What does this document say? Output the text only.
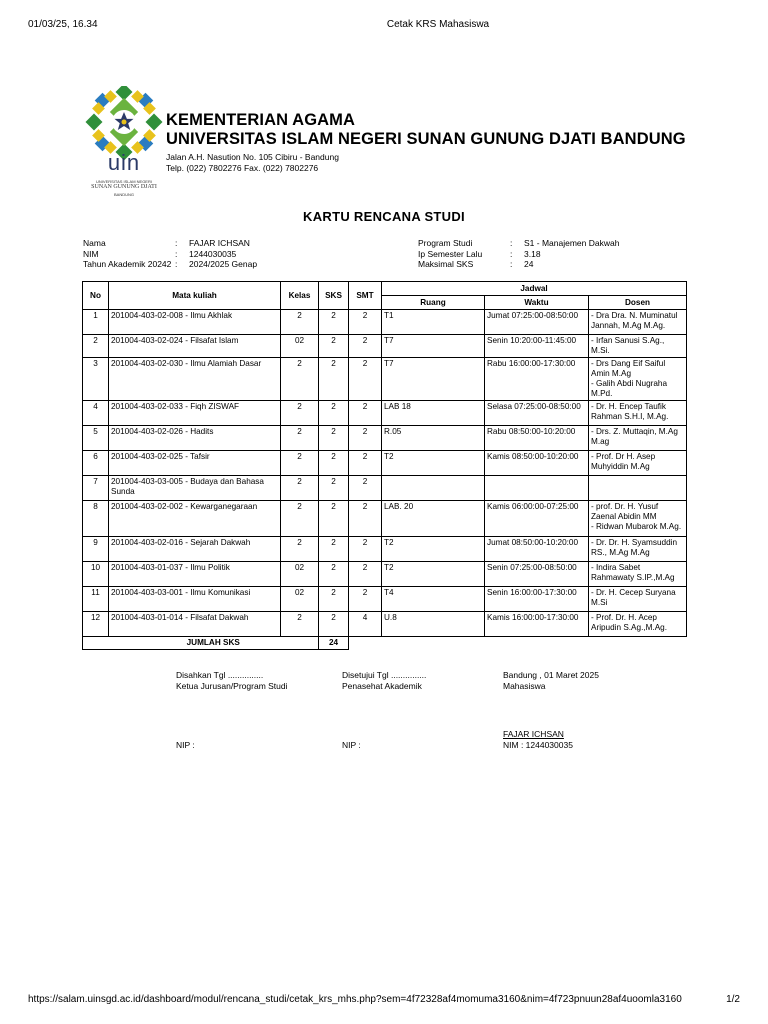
01/03/25, 16.34	Cetak KRS Mahasiswa
uin
UNIVERSITAS ISLAM NEGERI
SUNAN GUNUNG DJATI
BANDUNG
KEMENTERIAN AGAMA
UNIVERSITAS ISLAM NEGERI SUNAN GUNUNG DJATI BANDUNG
Jalan A.H. Nasution No. 105 Cibiru - Bandung
Telp. (022) 7802276 Fax. (022) 7802276
KARTU RENCANA STUDI
Nama	:	FAJAR ICHSAN
NIM	:	1244030035
Tahun Akademik 20242 :	2024/2025 Genap
Program Studi	:	S1 - Manajemen Dakwah
Ip Semester Lalu	:	3.18
Maksimal SKS	:	24
No	Mata kuliah	Kelas	SKS	SMT	Jadwal		
					Ruang	Waktu	Dosen
1	201004-403-02-008 - Ilmu Akhlak	2	2	2	T1	Jumat 07:25:00-08:50:00	- Dra Dra. N. Muminatul Jannah, M.Ag M.Ag.
2	201004-403-02-024 - Filsafat Islam	02	2	2	T7	Senin 10:20:00-11:45:00	- Irfan Sanusi S.Ag., M.Si.
3	201004-403-02-030 - Ilmu Alamiah Dasar	2	2	2	T7	Rabu 16:00:00-17:30:00	- Drs Dang Eif Saiful Amin M.Ag
- Galih Abdi Nugraha M.Pd.
4	201004-403-02-033 - Fiqh ZISWAF	2	2	2	LAB 18	Selasa 07:25:00-08:50:00	- Dr. H. Encep Taufik Rahman S.H.I, M.Ag.
5	201004-403-02-026 - Hadits	2	2	2	R.05	Rabu 08:50:00-10:20:00	- Drs. Z. Muttaqin, M.Ag M.ag
6	201004-403-02-025 - Tafsir	2	2	2	T2	Kamis 08:50:00-10:20:00	- Prof. Dr H. Asep Muhyiddin M.Ag
7	201004-403-03-005 - Budaya dan Bahasa Sunda	2	2	2			
8	201004-403-02-002 - Kewarganegaraan	2	2	2	LAB. 20	Kamis 06:00:00-07:25:00	- prof. Dr. H. Yusuf Zaenal Abidin MM
- Ridwan Mubarok M.Ag.
9	201004-403-02-016 - Sejarah Dakwah	2	2	2	T2	Jumat 08:50:00-10:20:00	- Dr. Dr. H. Syamsuddin RS., M.Ag M.Ag
10	201004-403-01-037 - Ilmu Politik	02	2	2	T2	Senin 07:25:00-08:50:00	- Indira Sabet Rahmawaty S.IP.,M.Ag
11	201004-403-03-001 - Ilmu Komunikasi	02	2	2	T4	Senin 16:00:00-17:30:00	- Dr. H. Cecep Suryana M.Si
12	201004-403-01-014 - Filsafat Dakwah	2	2	4	U.8	Kamis 16:00:00-17:30:00	- Prof. Dr. H. Acep Aripudin S.Ag.,M.Ag.
	JUMLAH SKS		24				
Disahkan Tgl ...............
Ketua Jurusan/Program Studi
NIP :
Disetujui Tgl ...............
Penasehat Akademik
NIP :
Bandung , 01 Maret 2025
Mahasiswa
FAJAR ICHSAN
NIM : 1244030035
https://salam.uinsgd.ac.id/dashboard/modul/rencana_studi/cetak_krs_mhs.php?sem=4f72328af4momuma3160&nim=4f723pnuun28af4uoomla3160	1/2
